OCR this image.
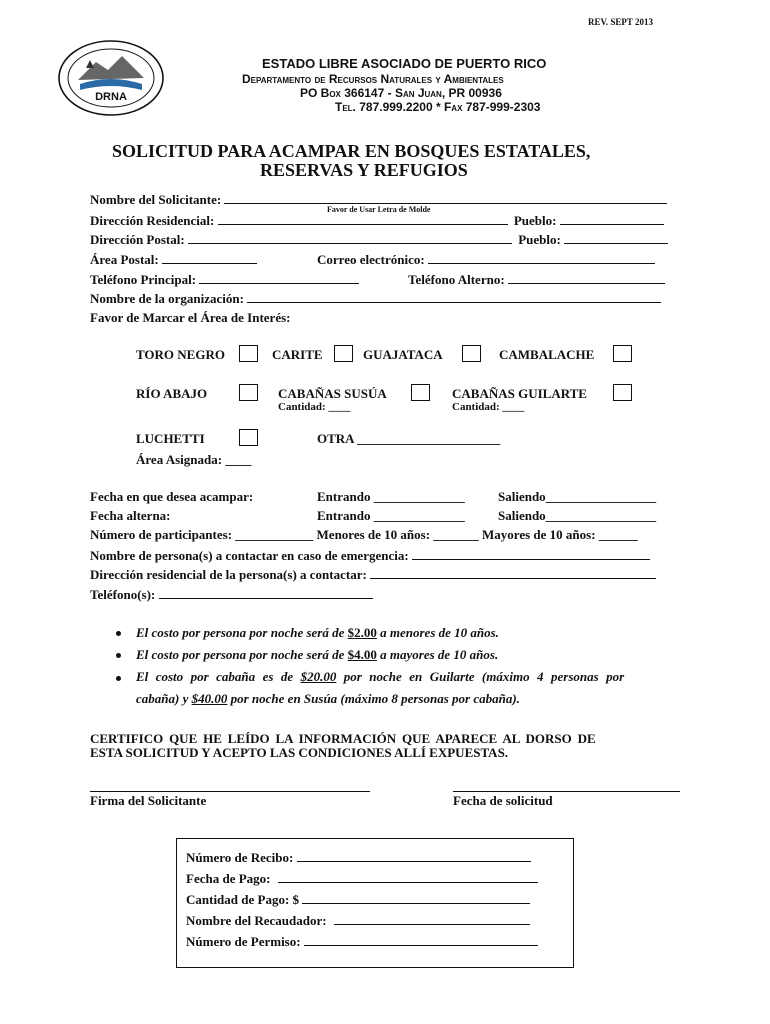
REV. SEPT 2013
DRNA
ESTADO LIBRE ASOCIADO DE PUERTO RICO
Departamento de Recursos Naturales y Ambientales
PO Box 366147 - San Juan, PR 00936
Tel. 787.999.2200 * Fax 787-999-2303
SOLICITUD PARA ACAMPAR EN BOSQUES ESTATALES,
RESERVAS Y REFUGIOS
Nombre del Solicitante:
Favor de Usar Letra de Molde
Dirección Residencial:	Pueblo:
Dirección Postal:	Pueblo:
Área Postal:	Correo electrónico:
Teléfono Principal:	Teléfono Alterno:
Nombre de la organización:
Favor de Marcar el Área de Interés:
TORO NEGRO	CARITE	GUAJATACA	CAMBALACHE
RÍO ABAJO	CABAÑAS SUSÚA
Cantidad: ____
CABAÑAS GUILARTE
Cantidad: ____
LUCHETTI	OTRA ______________________
Área Asignada: ____
Fecha en que desea acampar:	Entrando ______________	Saliendo_________________
Fecha alterna:	Entrando ______________	Saliendo_________________
Número de participantes: ____________ Menores de 10 años: _______ Mayores de 10 años: ______
Nombre de persona(s) a contactar en caso de emergencia:
Dirección residencial de la persona(s) a contactar:
Teléfono(s):
El costo por persona por noche será de $2.00 a menores de 10 años.
El costo por persona por noche será de $4.00 a mayores de 10 años.
El costo por cabaña es de $20.00 por noche en Guilarte (máximo 4 personas por
cabaña) y $40.00 por noche en Susúa (máximo 8 personas por cabaña).
CERTIFICO QUE HE LEÍDO LA INFORMACIÓN QUE APARECE AL DORSO DE
ESTA SOLICITUD Y ACEPTO LAS CONDICIONES ALLÍ EXPUESTAS.
Firma del Solicitante	Fecha de solicitud
Número de Recibo:
Fecha de Pago:
Cantidad de Pago: $
Nombre del Recaudador:
Número de Permiso:
